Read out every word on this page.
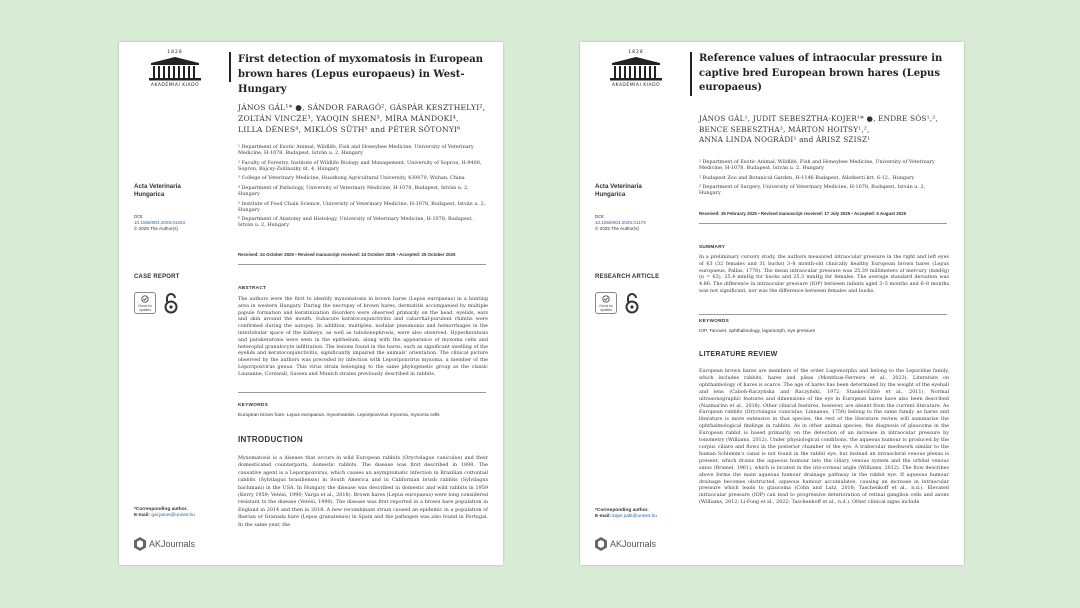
1828
AKADÉMIAI KIADÓ
Acta Veterinaria Hungarica
DOI:
10.1556/004.2025.01254
© 2025 The Author(s)
CASE REPORT
Check for updates
*Corresponding author.
E-mail: gal.janos@univet.hu
AKJournals
First detection of myxomatosis in European brown hares (Lepus europaeus) in West-Hungary
JÁNOS GÁL¹* ●, SÁNDOR FARAGÓ², GÁSPÁR KESZTHELYI²,
ZOLTÁN VINCZE³, YAOQIN SHEN³, MÍRA MÁNDOKI⁴,
LILLA DÉNES⁴, MIKLÓS SÜTH⁵ and PÉTER SŐTONYI⁶
¹ Department of Exotic Animal, Wildlife, Fish and Honeybee Medicine, University of Veterinary Medicine, H-1078, Budapest, István u. 2, Hungary
² Faculty of Forestry, Institute of Wildlife Biology and Management, University of Sopron, H-9400, Sopron, Bajcsy-Zsilinszky út. 4, Hungary
³ College of Veterinary Medicine, Huazhong Agricultural University, 430070, Wuhan, China
⁴ Department of Pathology, University of Veterinary Medicine, H-1078, Budapest, István u. 2, Hungary
⁵ Institute of Food Chain Science, University of Veterinary Medicine, H-1078, Budapest, István u. 2, Hungary
⁶ Department of Anatomy and Histology, University of Veterinary Medicine, H-1078, Budapest, István u. 2, Hungary
Received: 24 October 2025 • Revised manuscript received: 24 October 2025 • Accepted: 25 October 2025
ABSTRACT
The authors were the first to identify myxomatosis in brown hares (Lepus europaeus) in a hunting area in western Hungary. During the necropsy of brown hares, dermatitis accompanied by multiple papule formation and keratinization disorders were observed primarily on the head, eyelids, ears and skin around the mouth. Subacute keratoconjunctivitis and catarrhal-purulent rhinitis were confirmed during the autopsy. In addition, multiplex, nodular pneumonia and hemorrhages in the interlobular space of the kidneys, as well as tubulonephrosis, were also observed. Hyperkeratosis and parakeratosis were seen in the epithelium, along with the appearance of myxoma cells and heterophil granulocyte infiltration. The lesions found in the hares, such as significant swelling of the eyelids and keratoconjunctivitis, significantly impaired the animals' orientation. The clinical picture observed by the authors was preceded by infection with Leporipoxvirus myxoma, a member of the Leporipoxvirus genus. This virus strain belonging to the same phylogenetic group as the classic Lausanne, Cornwall, Sussex and Munich strains previously described in rabbits.
KEYWORDS
European brown hare, Lepus europaeus, myxomatosis, Leporipoxvirus myxoma, myxoma cells
INTRODUCTION
Myxomatosis is a disease that occurs in wild European rabbits (Oryctolagus cuniculus) and their domesticated counterparts, domestic rabbits. The disease was first described in 1898. The causative agent is a Leporipoxvirus, which causes an asymptomatic infection in Brazilian cottontail rabbits (Sylvilagus brasiliensis) in South America and in Californian brush rabbits (Sylvilagus bachmani) in the USA. In Hungary the disease was described in domestic and wild rabbits in 1959 (Kerry 1959; Vetési, 1990; Varga et al., 2018). Brown hares (Lepus europaeus) were long considered resistant to the disease (Vetési, 1990). The disease was first reported in a brown hare population in England in 2014 and then in 2018. A new recombinant strain caused an epidemic in a population of Iberian or Granada hare (Lepus granatensis) in Spain and the pathogen was also found in Portugal. In the same year, the
1828
AKADÉMIAI KIADÓ
Acta Veterinaria Hungarica
DOI:
10.1556/004.2025.01179
© 2025 The Author(s)
RESEARCH ARTICLE
Check for updates
*Corresponding author.
E-mail: kojer.judit@univet.hu
AKJournals
Reference values of intraocular pressure in captive bred European brown hares (Lepus europaeus)
JÁNOS GÁL¹, JUDIT SEBESZTHA-KOJER¹* ●, ENDRE SÓS¹,²,
BENCE SEBESZTHA³, MÁRTON HOITSY¹,²,
ANNA LINDA NOGRÁDI¹ and ÁRISZ SZISZ¹
¹ Department of Exotic Animal, Wildlife, Fish and Honeybee Medicine, University of Veterinary Medicine, H-1078, Budapest, István u. 2, Hungary
² Budapest Zoo and Botanical Garden, H-1146 Budapest, Állatkerti krt. 6-12., Hungary
³ Department of Surgery, University of Veterinary Medicine, H-1078, Budapest, István u. 2, Hungary
Received: 25 February 2025 • Revised manuscript received: 17 July 2025 • Accepted: 5 August 2025
SUMMARY
In a preliminary cursory study, the authors measured intraocular pressure in the right and left eyes of 63 (32 females and 31 bucks) 3–8 month-old clinically healthy European brown hares (Lepus europaeus, Pallas, 1778). The mean intraocular pressure was 25.39 millimeters of mercury (mmHg) (n = 63), 25.4 mmHg for bucks and 25.3 mmHg for females. The average standard deviation was 4.86. The difference in intraocular pressure (IOP) between infants aged 3–5 months and 6–8 months was not significant, nor was the difference between females and bucks.
KEYWORDS
IOP, Tonovet, ophthalmology, lagomorph, eye pressure
LITERATURE REVIEW
European brown hares are members of the order Lagomorpha and belong to the Leporidae family, which includes rabbits, hares and pikas (Montfaus-Ferreira et al., 2023). Literature on ophthalmology of hares is scarce. The age of hares has been determined by the weight of the eyeball and lens (Caboń-Raczyńska and Raczyński, 1972; Stankevičiūtė et al., 2011). Normal ultrasonographic features and dimensions of the eye in European hares have also been described (Nazmarino et al., 2018). Other clinical features, however, are absent from the current literature. As European rabbits (Oryctolagus cuniculus, Linnaeus, 1758) belong to the same family as hares and literature is more extensive in that species, the rest of the literature review will summarise the ophthalmological findings in rabbits. As in other animal species, the diagnosis of glaucoma in the European rabbit is based primarily on the detection of an increase in intraocular pressure by tonometry (Williams, 2012). Under physiological conditions, the aqueous humour is produced by the corpus ciliare and flows in the posterior chamber of the eye. A trabecular meshwork similar to the human Schlemm's canal is not found in the rabbit eye, but instead an intrascleral venous plexus is present, which drains the aqueous humour into the ciliary venous system and the orbital venous sinus (Bramel, 1961), which is located in the iris-corneal angle (Williams, 2012). The flow describes above forms the main aqueous humour drainage pathway in the rabbit eye. If aqueous humour drainage becomes obstructed, aqueous humour accumulates, causing an increase in intraocular pressure which leads to glaucoma (Cohn and Lutz, 2018; Taschenkoff et al., n.d.). Elevated intraocular pressure (IOP) can lead to progressive deterioration of retinal ganglion cells and axons (Williams, 2012; Li-Fong et al., 2022; Taschenkoff et al., n.d.). Other clinical signs include
